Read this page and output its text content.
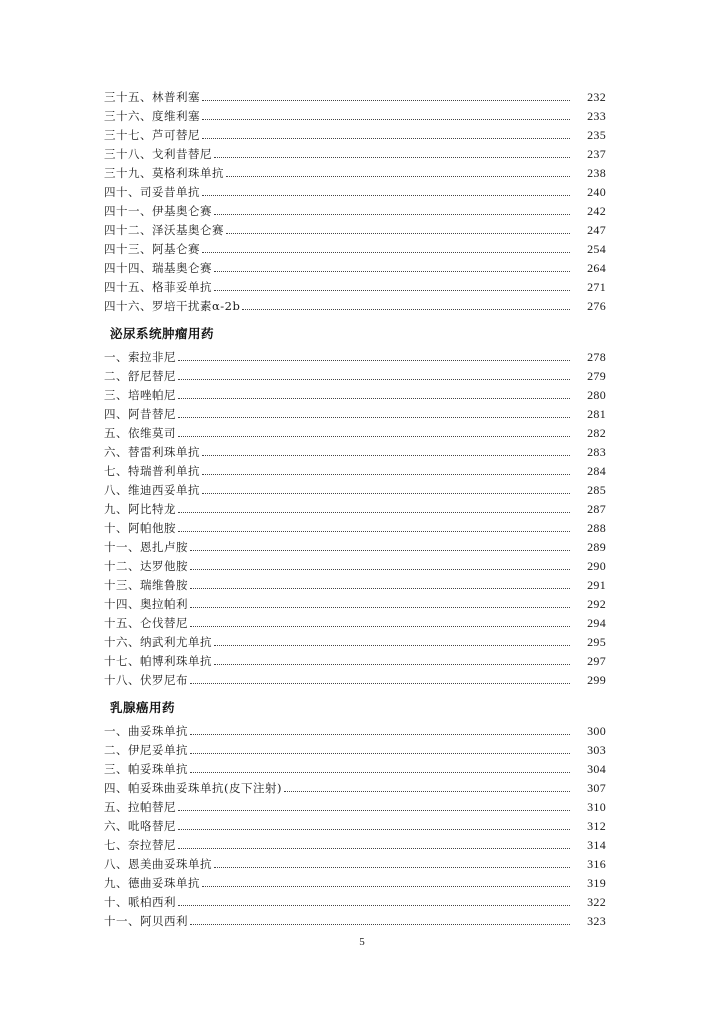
三十五、林普利塞	232
三十六、度维利塞	233
三十七、芦可替尼	235
三十八、戈利昔替尼	237
三十九、莫格利珠单抗	238
四十、司妥昔单抗	240
四十一、伊基奥仑赛	242
四十二、泽沃基奥仑赛	247
四十三、阿基仑赛	254
四十四、瑞基奥仑赛	264
四十五、格菲妥单抗	271
四十六、罗培干扰素α-2b	276
泌尿系统肿瘤用药
一、索拉非尼	278
二、舒尼替尼	279
三、培唑帕尼	280
四、阿昔替尼	281
五、依维莫司	282
六、替雷利珠单抗	283
七、特瑞普利单抗	284
八、维迪西妥单抗	285
九、阿比特龙	287
十、阿帕他胺	288
十一、恩扎卢胺	289
十二、达罗他胺	290
十三、瑞维鲁胺	291
十四、奥拉帕利	292
十五、仑伐替尼	294
十六、纳武利尤单抗	295
十七、帕博利珠单抗	297
十八、伏罗尼布	299
乳腺癌用药
一、曲妥珠单抗	300
二、伊尼妥单抗	303
三、帕妥珠单抗	304
四、帕妥珠曲妥珠单抗(皮下注射)	307
五、拉帕替尼	310
六、吡咯替尼	312
七、奈拉替尼	314
八、恩美曲妥珠单抗	316
九、德曲妥珠单抗	319
十、哌柏西利	322
十一、阿贝西利	323
5
